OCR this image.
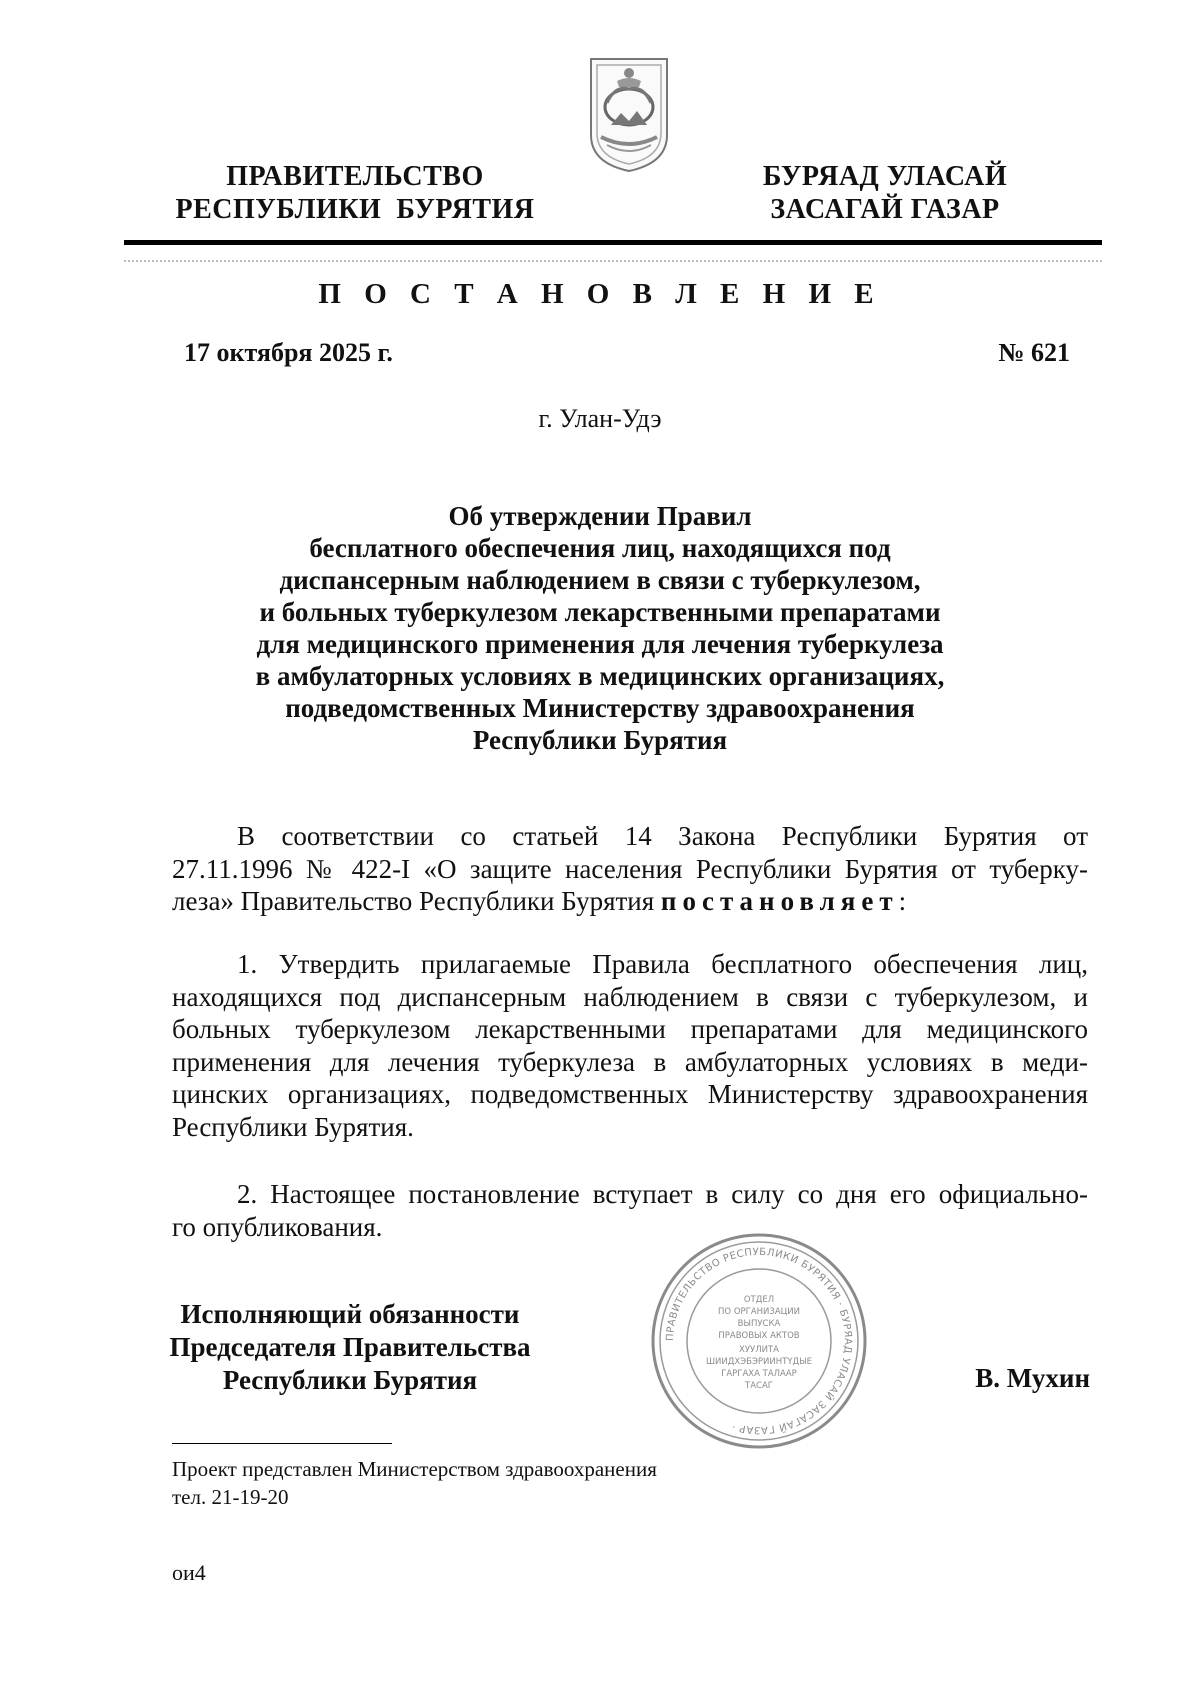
ПРАВИТЕЛЬСТВО
РЕСПУБЛИКИ  БУРЯТИЯ
БУРЯАД УЛАСАЙ
ЗАСАГАЙ ГАЗАР
П О С Т А Н О В Л Е Н И Е
17 октября 2025 г.	№ 621
г. Улан-Удэ
Об утверждении Правил
бесплатного обеспечения лиц, находящихся под
диспансерным наблюдением в связи с туберкулезом,
и больных туберкулезом лекарственными препаратами
для медицинского применения для лечения туберкулеза
в амбулаторных условиях в медицинских организациях,
подведомственных Министерству здравоохранения
Республики Бурятия
В соответствии со статьей 14 Закона Республики Бурятия от
27.11.1996 № 422-I «О защите населения Республики Бурятия от туберку-
леза» Правительство Республики Бурятия постановляет:
1. Утвердить прилагаемые Правила бесплатного обеспечения лиц,
находящихся под диспансерным наблюдением в связи с туберкулезом, и
больных туберкулезом лекарственными препаратами для медицинского
применения для лечения туберкулеза в амбулаторных условиях в меди-
цинских организациях, подведомственных Министерству здравоохранения
Республики Бурятия.
2. Настоящее постановление вступает в силу со дня его официально-
го опубликования.
Исполняющий обязанности
Председателя Правительства
Республики Бурятия
ПРАВИТЕЛЬСТВО РЕСПУБЛИКИ БУРЯТИЯ · БУРЯАД УЛАСАЙ ЗАСАГАЙ ГАЗАР ·
ОТДЕЛ
ПО ОРГАНИЗАЦИИ
ВЫПУСКА
ПРАВОВЫХ АКТОВ
ХУУЛИТА
ШИИДХЭБЭРИИНТҮДЫЕ
ГАРГАХА ТАЛААР
ТАСАГ	В. Мухин
Проект представлен Министерством здравоохранения
тел. 21-19-20
ои4
